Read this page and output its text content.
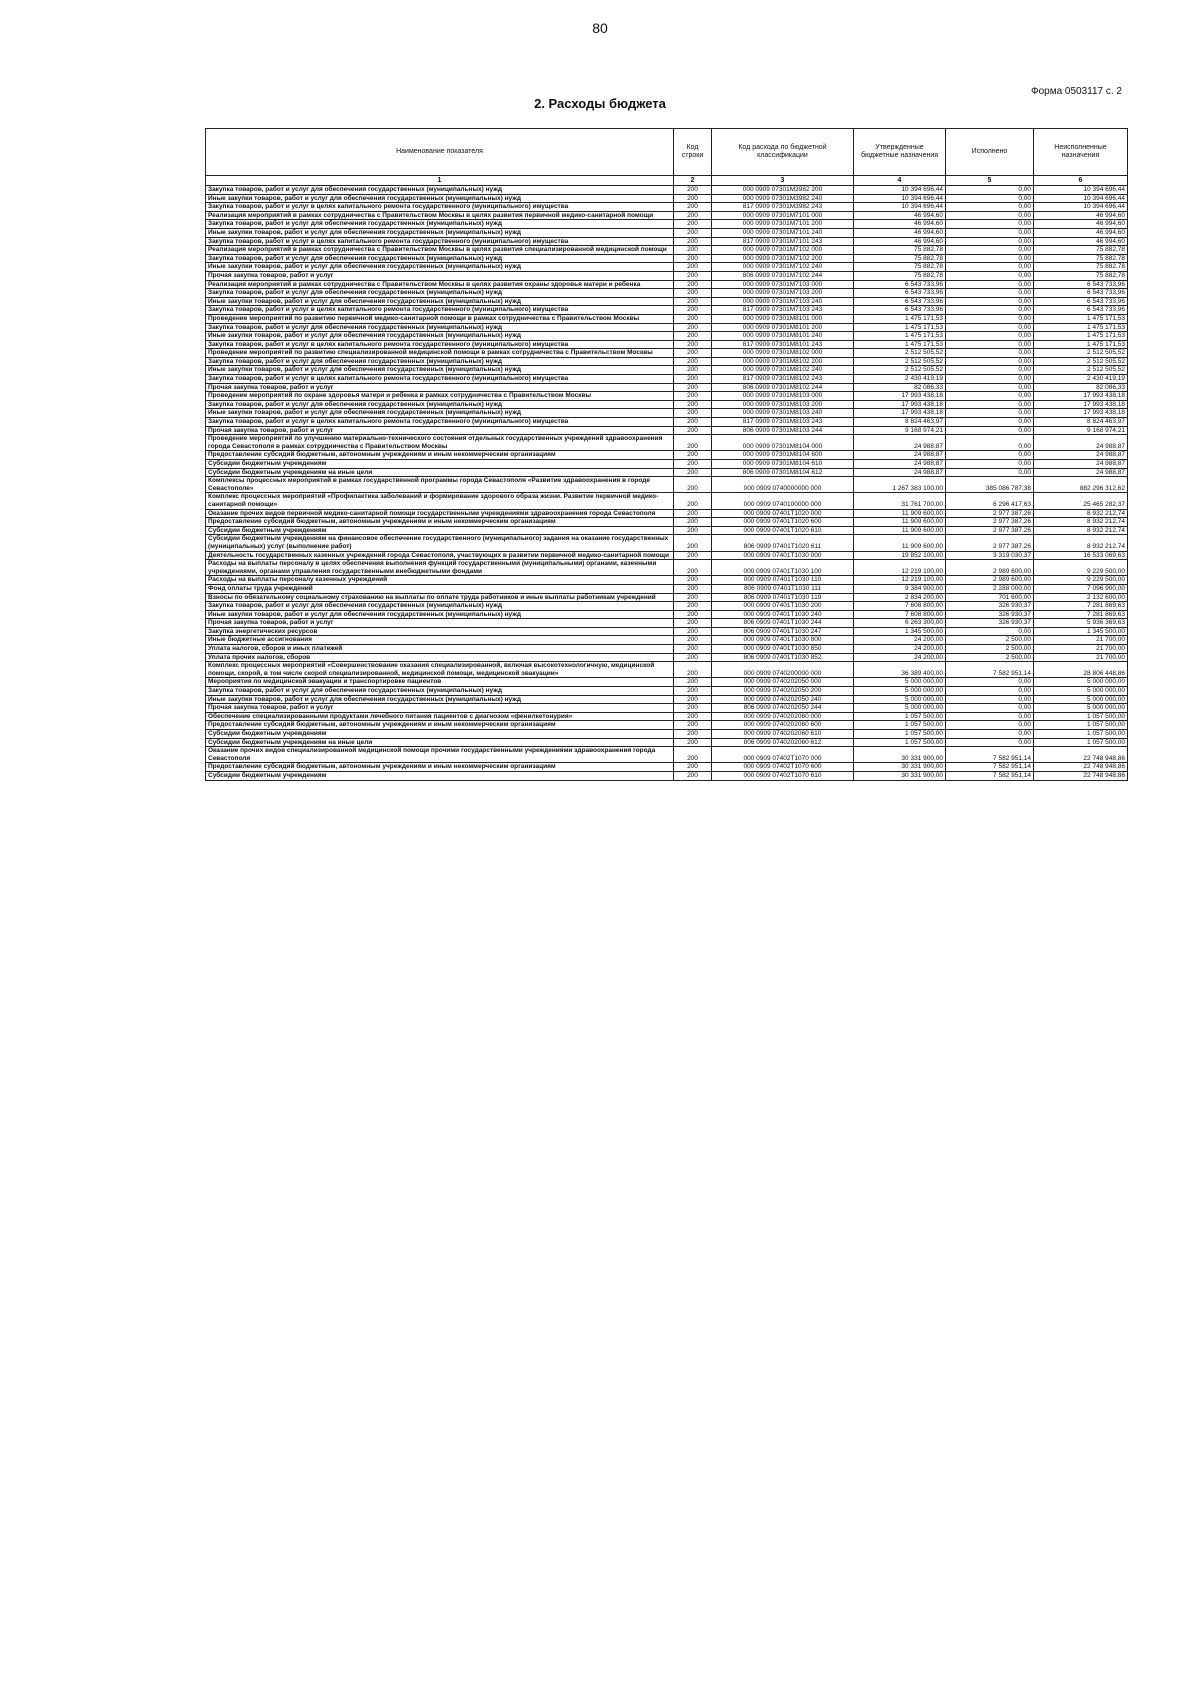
80
Форма 0503117 с. 2
2. Расходы бюджета
Наименование показателя	Код строки	Код расхода по бюджетной классификации	Утвержденные бюджетные назначения	Исполнено	Неисполненные назначения
1	2	3	4	5	6
Закупка товаров, работ и услуг для обеспечения государственных (муниципальных) нужд	200	000 0909 07301M3982 200	10 394 696,44	0,00	10 394 696,44
Иные закупки товаров, работ и услуг для обеспечения государственных (муниципальных) нужд	200	000 0909 07301M3982 240	10 394 696,44	0,00	10 394 696,44
Закупка товаров, работ и услуг в целях капитального ремонта государственного (муниципального) имущества	200	817 0909 07301M3982 243	10 394 696,44	0,00	10 394 696,44
Реализация мероприятий в рамках сотрудничества с Правительством Москвы в целях развития первичной медико-санитарной помощи	200	000 0909 07301M7101 000	46 994,60	0,00	46 994,60
Закупка товаров, работ и услуг для обеспечения государственных (муниципальных) нужд	200	000 0909 07301M7101 200	46 994,60	0,00	46 994,60
Иные закупки товаров, работ и услуг для обеспечения государственных (муниципальных) нужд	200	000 0909 07301M7101 240	46 994,60	0,00	46 994,60
Закупка товаров, работ и услуг в целях капитального ремонта государственного (муниципального) имущества	200	817 0909 07301M7101 243	46 994,60	0,00	46 994,60
Реализация мероприятий в рамках сотрудничества с Правительством Москвы в целях развития специализированной медицинской помощи	200	000 0909 07301M7102 000	75 882,78	0,00	75 882,78
Закупка товаров, работ и услуг для обеспечения государственных (муниципальных) нужд	200	000 0909 07301M7102 200	75 882,78	0,00	75 882,78
Иные закупки товаров, работ и услуг для обеспечения государственных (муниципальных) нужд	200	000 0909 07301M7102 240	75 882,78	0,00	75 882,78
Прочая закупка товаров, работ и услуг	200	806 0909 07301M7102 244	75 882,78	0,00	75 882,78
Реализация мероприятий в рамках сотрудничества с Правительством Москвы в целях развития охраны здоровья матери и ребенка	200	000 0909 07301M7103 000	6 543 733,96	0,00	6 543 733,96
Закупка товаров, работ и услуг для обеспечения государственных (муниципальных) нужд	200	000 0909 07301M7103 200	6 543 733,96	0,00	6 543 733,96
Иные закупки товаров, работ и услуг для обеспечения государственных (муниципальных) нужд	200	000 0909 07301M7103 240	6 543 733,96	0,00	6 543 733,96
Закупка товаров, работ и услуг в целях капитального ремонта государственного (муниципального) имущества	200	817 0909 07301M7103 243	6 543 733,96	0,00	6 543 733,96
Проведение мероприятий по развитию первичной медико-санитарной помощи в рамках сотрудничества с Правительством Москвы	200	000 0909 07301M8101 000	1 475 171,53	0,00	1 475 171,53
Закупка товаров, работ и услуг для обеспечения государственных (муниципальных) нужд	200	000 0909 07301M8101 200	1 475 171,53	0,00	1 475 171,53
Иные закупки товаров, работ и услуг для обеспечения государственных (муниципальных) нужд	200	000 0909 07301M8101 240	1 475 171,53	0,00	1 475 171,53
Закупка товаров, работ и услуг в целях капитального ремонта государственного (муниципального) имущества	200	817 0909 07301M8101 243	1 475 171,53	0,00	1 475 171,53
Проведение мероприятий по развитию специализированной медицинской помощи в рамках сотрудничества с Правительством Москвы	200	000 0909 07301M8102 000	2 512 505,52	0,00	2 512 505,52
Закупка товаров, работ и услуг для обеспечения государственных (муниципальных) нужд	200	000 0909 07301M8102 200	2 512 505,52	0,00	2 512 505,52
Иные закупки товаров, работ и услуг для обеспечения государственных (муниципальных) нужд	200	000 0909 07301M8102 240	2 512 505,52	0,00	2 512 505,52
Закупка товаров, работ и услуг в целях капитального ремонта государственного (муниципального) имущества	200	817 0909 07301M8102 243	2 430 419,19	0,00	2 430 419,19
Прочая закупка товаров, работ и услуг	200	806 0909 07301M8102 244	82 086,33	0,00	82 086,33
Проведение мероприятий по охране здоровья матери и ребенка в рамках сотрудничества с Правительством Москвы	200	000 0909 07301M8103 000	17 993 438,18	0,00	17 993 438,18
Закупка товаров, работ и услуг для обеспечения государственных (муниципальных) нужд	200	000 0909 07301M8103 200	17 993 438,18	0,00	17 993 438,18
Иные закупки товаров, работ и услуг для обеспечения государственных (муниципальных) нужд	200	000 0909 07301M8103 240	17 993 438,18	0,00	17 993 438,18
Закупка товаров, работ и услуг в целях капитального ремонта государственного (муниципального) имущества	200	817 0909 07301M8103 243	8 824 463,97	0,00	8 824 463,97
Прочая закупка товаров, работ и услуг	200	806 0909 07301M8103 244	9 168 974,21	0,00	9 168 974,21
Проведение мероприятий по улучшению материально-технического состояния отдельных государственных учреждений здравоохранения города Севастополя в рамках сотрудничества с Правительством Москвы	200	000 0909 07301M8104 000	24 988,87	0,00	24 988,87
Предоставление субсидий бюджетным, автономным учреждениям и иным некоммерческим организациям	200	000 0909 07301M8104 600	24 988,87	0,00	24 988,87
Субсидии бюджетным учреждениям	200	000 0909 07301M8104 610	24 988,87	0,00	24 988,87
Субсидии бюджетным учреждениям на иные цели	200	806 0909 07301M8104 612	24 988,87	0,00	24 988,87
Комплексы процессных мероприятий в рамках государственной программы города Севастополя «Развитие здравоохранения в городе Севастополе»	200	000 0909 0740000000 000	1 267 383 100,00	385 086 787,38	882 296 312,62
Комплекс процессных мероприятий «Профилактика заболеваний и формирование здорового образа жизни. Развитие первичной медико-санитарной помощи»	200	000 0909 0740100000 000	31 761 700,00	6 296 417,63	25 465 282,37
Оказание прочих видов первичной медико-санитарной помощи государственными учреждениями здравоохранения города Севастополя	200	000 0909 07401T1020 000	11 909 600,00	2 977 387,26	8 932 212,74
Предоставление субсидий бюджетным, автономным учреждениям и иным некоммерческим организациям	200	000 0909 07401T1020 600	11 909 600,00	2 977 387,26	8 932 212,74
Субсидии бюджетным учреждениям	200	000 0909 07401T1020 610	11 909 600,00	2 977 387,26	8 932 212,74
Субсидии бюджетным учреждениям на финансовое обеспечение государственного (муниципального) задания на оказание государственных (муниципальных) услуг (выполнение работ)	200	806 0909 07401T1020 611	11 909 600,00	2 977 387,26	8 932 212,74
Деятельность государственных казенных учреждений города Севастополя, участвующих в развитии первичной медико-санитарной помощи	200	000 0909 07401T1030 000	19 852 100,00	3 319 030,37	16 533 069,63
Расходы на выплаты персоналу в целях обеспечения выполнения функций государственными (муниципальными) органами, казенными учреждениями, органами управления государственными внебюджетными фондами	200	000 0909 07401T1030 100	12 219 100,00	2 989 600,00	9 229 500,00
Расходы на выплаты персоналу казенных учреждений	200	000 0909 07401T1030 110	12 219 100,00	2 989 600,00	9 229 500,00
Фонд оплаты труда учреждений	200	806 0909 07401T1030 111	9 384 900,00	2 288 000,00	7 096 900,00
Взносы по обязательному социальному страхованию на выплаты по оплате труда работников и иные выплаты работникам учреждений	200	806 0909 07401T1030 119	2 834 200,00	701 600,00	2 132 600,00
Закупка товаров, работ и услуг для обеспечения государственных (муниципальных) нужд	200	000 0909 07401T1030 200	7 608 800,00	326 930,37	7 281 869,63
Иные закупки товаров, работ и услуг для обеспечения государственных (муниципальных) нужд	200	000 0909 07401T1030 240	7 608 800,00	326 930,37	7 281 869,63
Прочая закупка товаров, работ и услуг	200	806 0909 07401T1030 244	6 263 300,00	326 930,37	5 936 369,63
Закупка энергетических ресурсов	200	806 0909 07401T1030 247	1 345 500,00	0,00	1 345 500,00
Иные бюджетные ассигнования	200	000 0909 07401T1030 800	24 200,00	2 500,00	21 700,00
Уплата налогов, сборов и иных платежей	200	000 0909 07401T1030 850	24 200,00	2 500,00	21 700,00
Уплата прочих налогов, сборов	200	806 0909 07401T1030 852	24 200,00	2 500,00	21 700,00
Комплекс процессных мероприятий «Совершенствование оказания специализированной, включая высокотехнологичную, медицинской помощи, скорой, в том числе скорой специализированной, медицинской помощи, медицинской эвакуации»	200	000 0909 0740200000 000	36 389 400,00	7 582 951,14	28 806 448,86
Мероприятия по медицинской эвакуации и транспортировке пациентов	200	000 0909 0740202050 000	5 000 000,00	0,00	5 000 000,00
Закупка товаров, работ и услуг для обеспечения государственных (муниципальных) нужд	200	000 0909 0740202050 200	5 000 000,00	0,00	5 000 000,00
Иные закупки товаров, работ и услуг для обеспечения государственных (муниципальных) нужд	200	000 0909 0740202050 240	5 000 000,00	0,00	5 000 000,00
Прочая закупка товаров, работ и услуг	200	806 0909 0740202050 244	5 000 000,00	0,00	5 000 000,00
Обеспечение специализированными продуктами лечебного питания пациентов с диагнозом «фенилкетонурия»	200	000 0909 0740202060 000	1 057 500,00	0,00	1 057 500,00
Предоставление субсидий бюджетным, автономным учреждениям и иным некоммерческим организациям	200	000 0909 0740202060 600	1 057 500,00	0,00	1 057 500,00
Субсидии бюджетным учреждениям	200	000 0909 0740202060 610	1 057 500,00	0,00	1 057 500,00
Субсидии бюджетным учреждениям на иные цели	200	806 0909 0740202060 612	1 057 500,00	0,00	1 057 500,00
Оказание прочих видов специализированной медицинской помощи прочими государственными учреждениями здравоохранения города Севастополя	200	000 0909 07402T1070 000	30 331 900,00	7 582 951,14	22 748 948,86
Предоставление субсидий бюджетным, автономным учреждениям и иным некоммерческим организациям	200	000 0909 07402T1070 600	30 331 900,00	7 582 951,14	22 748 948,86
Субсидии бюджетным учреждениям	200	000 0909 07402T1070 610	30 331 900,00	7 582 951,14	22 748 948,86
